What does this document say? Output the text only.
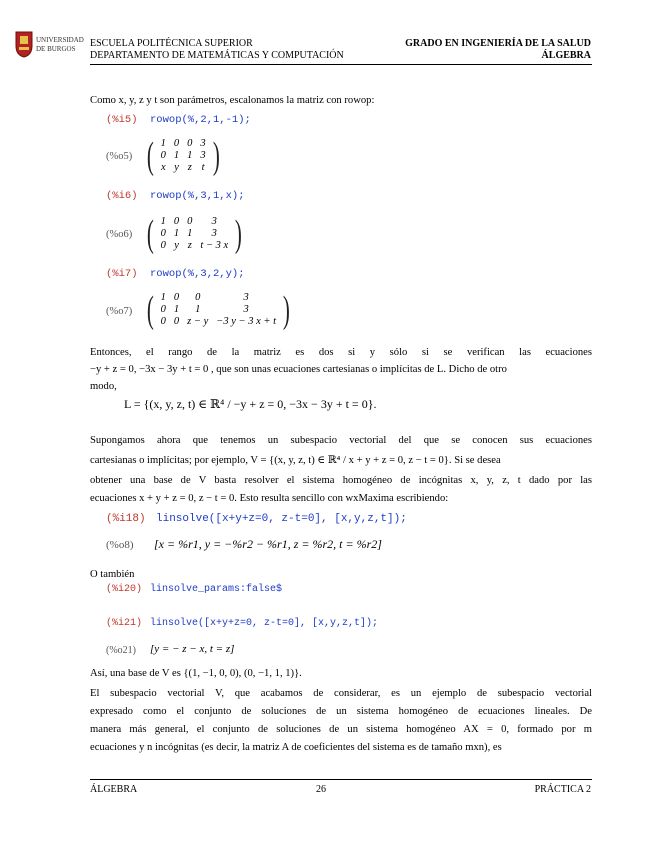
UNIVERSIDAD
DE BURGOS	ESCUELA POLITÉCNICA SUPERIOR
DEPARTAMENTO DE MATEMÁTICAS Y COMPUTACIÓN
GRADO EN INGENIERÍA DE LA SALUD
ÁLGEBRA
Como x, y, z y t son parámetros, escalonamos la matriz con rowop:
(%i5) rowop(%,2,1,-1);
(%o5) ( 1	0	0	3
0	1	1	3
x	y	z	t )
(%i6) rowop(%,3,1,x);
(%o6) ( 1	0	0	3
0	1	1	3
0	y	z	t − 3 x )
(%i7) rowop(%,3,2,y);
(%o7) ( 1	0	0	3
0	1	1	3
0	0	z − y	−3 y − 3 x + t )
Entonces, el rango de la matriz es dos si y sólo si se verifican las ecuaciones
−y + z = 0, −3x − 3y + t = 0 , que son unas ecuaciones cartesianas o implícitas de L. Dicho de otro
modo,
L = {(x, y, z, t) ∈ ℝ⁴ / −y + z = 0, −3x − 3y + t = 0}.
Supongamos ahora que tenemos un subespacio vectorial del que se conocen sus ecuaciones
cartesianas o implícitas; por ejemplo, V = {(x, y, z, t) ∈ ℝ⁴ / x + y + z = 0, z − t = 0}. Si se desea
obtener una base de V basta resolver el sistema homogéneo de incógnitas x, y, z, t dado por las
ecuaciones x + y + z = 0, z − t = 0. Esto resulta sencillo con wxMaxima escribiendo:
(%i18) linsolve([x+y+z=0, z-t=0], [x,y,z,t]);
(%o8) [x = %r1, y = −%r2 − %r1, z = %r2, t = %r2]
O también
(%i20) linsolve_params:false$
(%i21) linsolve([x+y+z=0, z-t=0], [x,y,z,t]);
(%o21) [y = − z − x, t = z]
Así, una base de V es {(1, −1, 0, 0), (0, −1, 1, 1)}.
El subespacio vectorial V, que acabamos de considerar, es un ejemplo de subespacio vectorial
expresado como el conjunto de soluciones de un sistema homogéneo de ecuaciones lineales. De
manera más general, el conjunto de soluciones de un sistema homogéneo AX = 0, formado por m
ecuaciones y n incógnitas (es decir, la matriz A de coeficientes del sistema es de tamaño mxn), es
ÁLGEBRA	26	PRÁCTICA 2
